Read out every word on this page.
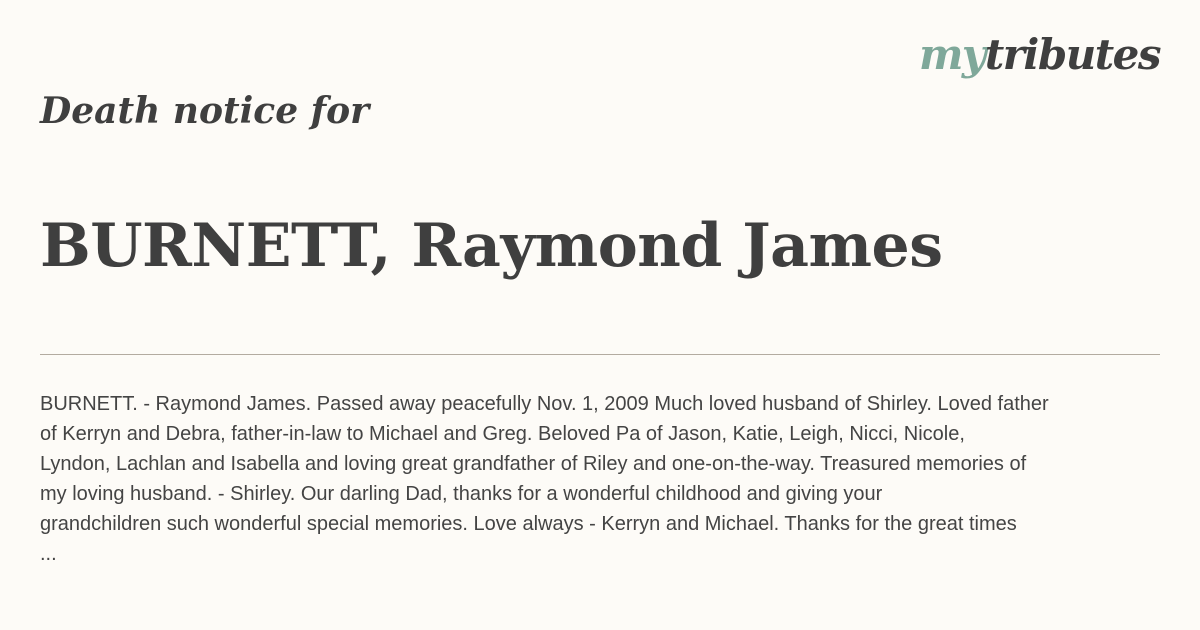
mytributes
Death notice for
BURNETT, Raymond James

BURNETT. - Raymond James. Passed away peacefully Nov. 1, 2009 Much loved husband of Shirley. Loved father
of Kerryn and Debra, father-in-law to Michael and Greg. Beloved Pa of Jason, Katie, Leigh, Nicci, Nicole,
Lyndon, Lachlan and Isabella and loving great grandfather of Riley and one-on-the-way. Treasured memories of
my loving husband. - Shirley. Our darling Dad, thanks for a wonderful childhood and giving your
grandchildren such wonderful special memories. Love always - Kerryn and Michael. Thanks for the great times
...
